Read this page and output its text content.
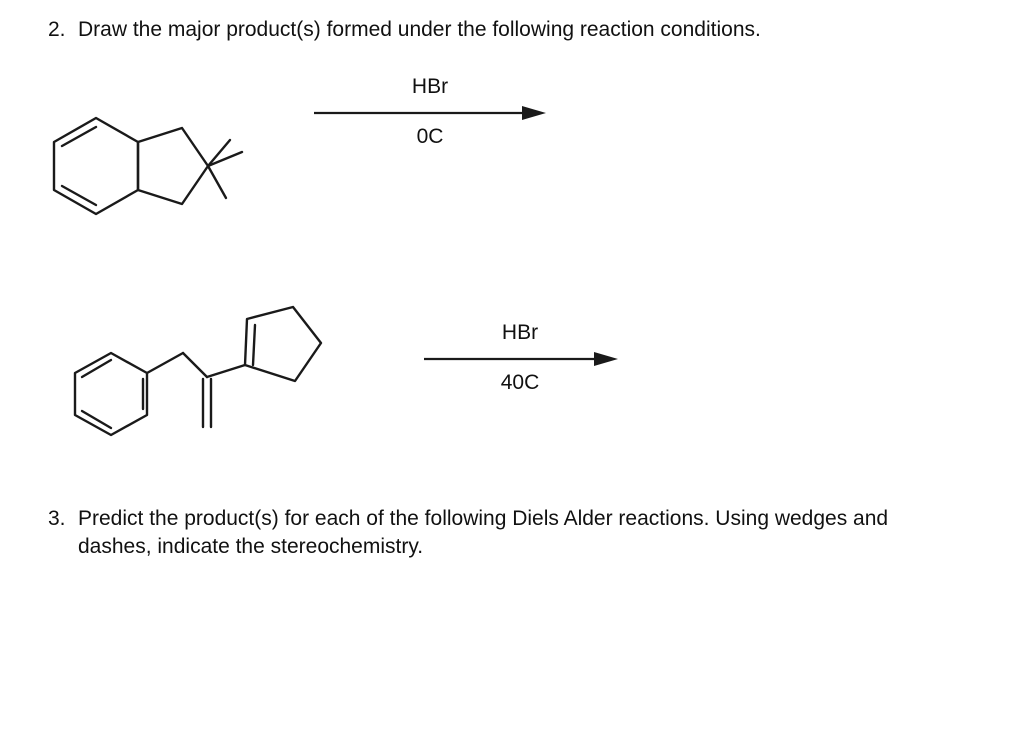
2. Draw the major product(s) formed under the following reaction conditions.
HBr
0C
HBr
40C
3. Predict the product(s) for each of the following Diels Alder reactions. Using wedges and dashes, indicate the stereochemistry.
